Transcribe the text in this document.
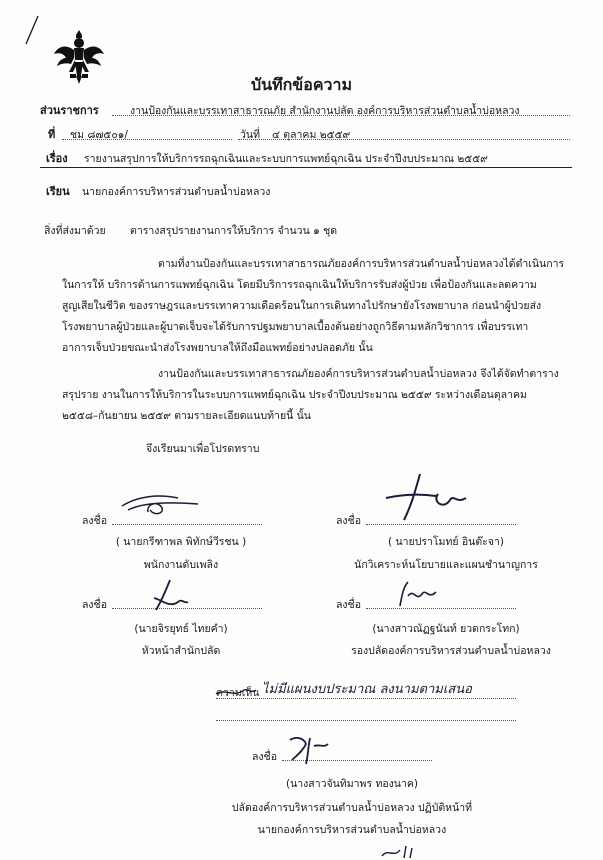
บันทึกข้อความ
ส่วนราชการ	งานป้องกันและบรรเทาสาธารณภัย สำนักงานปลัด องค์การบริหารส่วนตำบลน้ำบ่อหลวง
ที่ ชม ๘๗๕๐๑/	วันที่ ๔ ตุลาคม ๒๕๕๙
เรื่อง รายงานสรุปการให้บริการรถฉุกเฉินและระบบการแพทย์ฉุกเฉิน ประจำปีงบประมาณ ๒๕๕๙
เรียน นายกองค์การบริหารส่วนตำบลน้ำบ่อหลวง
สิ่งที่ส่งมาด้วย ตารางสรุปรายงานการให้บริการ จำนวน ๑ ชุด
ตามที่งานป้องกันและบรรเทาสาธารณภัยองค์การบริหารส่วนตำบลน้ำบ่อหลวงได้ดำเนินการ
ในการให้ บริการด้านการแพทย์ฉุกเฉิน โดยมีบริการรถฉุกเฉินให้บริการรับส่งผู้ป่วย เพื่อป้องกันและลดความ
สูญเสียในชีวิต ของราษฎรและบรรเทาความเดือดร้อนในการเดินทางไปรักษายังโรงพยาบาล ก่อนนำผู้ป่วยส่ง
โรงพยาบาลผู้ป่วยและผู้บาดเจ็บจะได้รับการปฐมพยาบาลเบื้องต้นอย่างถูกวิธีตามหลักวิชาการ เพื่อบรรเทา
อาการเจ็บป่วยขณะนำส่งโรงพยาบาลให้ถึงมือแพทย์อย่างปลอดภัย นั้น
งานป้องกันและบรรเทาสาธารณภัยองค์การบริหารส่วนตำบลน้ำบ่อหลวง จึงได้จัดทำตาราง
สรุปราย งานในการให้บริการในระบบการแพทย์ฉุกเฉิน ประจำปีงบประมาณ ๒๕๕๙ ระหว่างเดือนตุลาคม
๒๕๕๘–กันยายน ๒๕๕๙ ตามรายละเอียดแนบท้ายนี้ นั้น
จึงเรียนมาเพื่อโปรดทราบ
ลงชื่อ
( นายกรีฑาพล พิทักษ์วีรชน )
พนักงานดับเพลิง
ลงชื่อ
( นายปราโมทย์ อินต๊ะจา)
นักวิเคราะห์นโยบายและแผนชำนาญการ
ลงชื่อ
(นายจิรยุทธ์ ไทยคำ)
หัวหน้าสำนักปลัด
ลงชื่อ
(นางสาวณัฏฐนันท์ ยวดกระโทก)
รองปลัดองค์การบริหารส่วนตำบลน้ำบ่อหลวง
ความเห็น ไม่มีแผนงบประมาณ ลงนามตามเสนอ
ลงชื่อ
(นางสาวจันทิมาพร ทองนาค)
ปลัดองค์การบริหารส่วนตำบลน้ำบ่อหลวง ปฏิบัติหน้าที่
นายกองค์การบริหารส่วนตำบลน้ำบ่อหลวง
